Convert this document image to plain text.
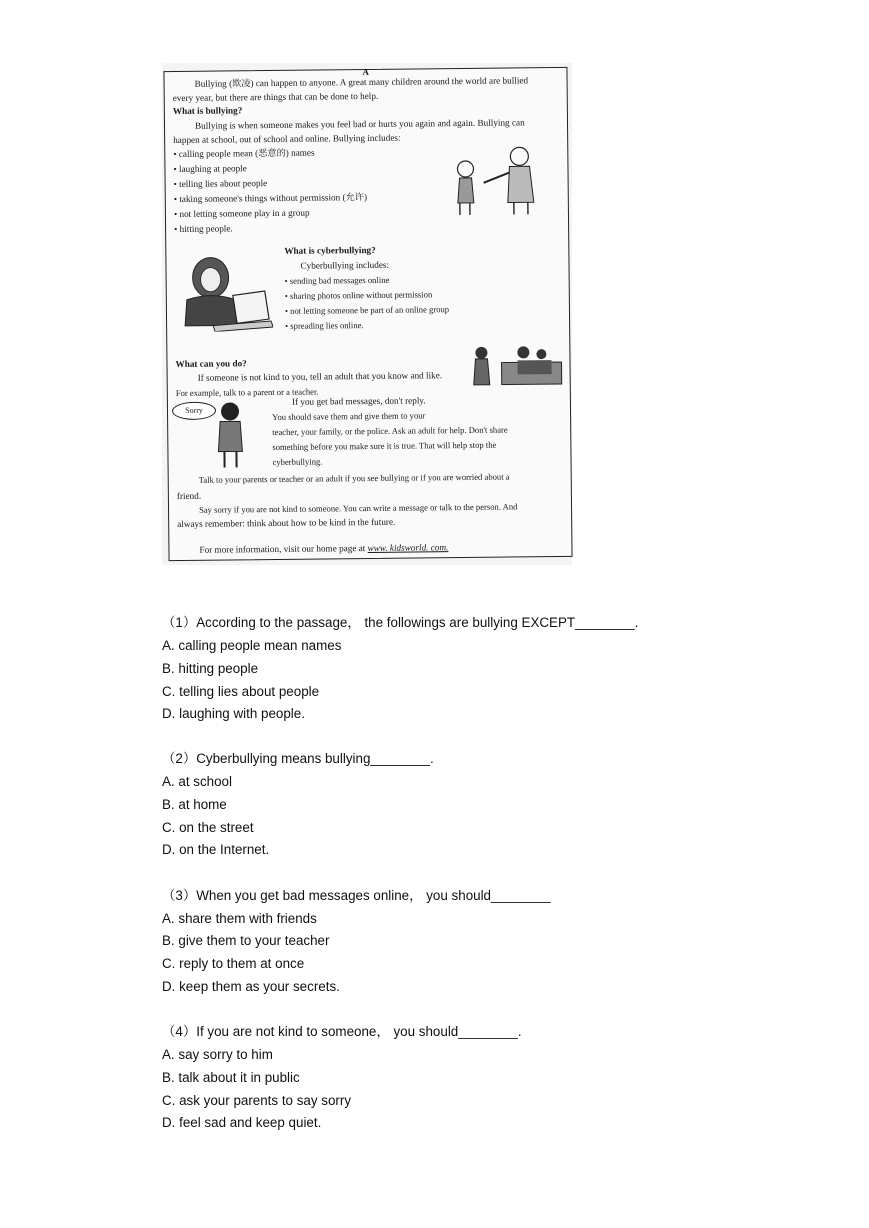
A
Bullying (欺凌) can happen to anyone. A great many children around the world are bullied
every year, but there are things that can be done to help.
What is bullying?
Bullying is when someone makes you feel bad or hurts you again and again. Bullying can
happen at school, out of school and online. Bullying includes:
• calling people mean (恶意的) names
• laughing at people
• telling lies about people
• taking someone's things without permission (允许)
• not letting someone play in a group
• hitting people.
What is cyberbullying?
Cyberbullying includes:
• sending bad messages online
• sharing photos online without permission
• not letting someone be part of an online group
• spreading lies online.
What can you do?
If someone is not kind to you, tell an adult that you know and like.
For example, talk to a parent or a teacher.
Sorry
If you get bad messages, don't reply.
You should save them and give them to your
teacher, your family, or the police. Ask an adult for help. Don't share
something before you make sure it is true. That will help stop the
cyberbullying.
Talk to your parents or teacher or an adult if you see bullying or if you are worried about a
friend.
Say sorry if you are not kind to someone. You can write a message or talk to the person. And
always remember: think about how to be kind in the future.
For more information, visit our home page at www. kidsworld. com.
（1）According to the passage， the followings are bullying EXCEPT________.
A. calling people mean names
B. hitting people
C. telling lies about people
D. laughing with people.
（2）Cyberbullying means bullying________.
A. at school
B. at home
C. on the street
D. on the Internet.
（3）When you get bad messages online， you should________
A. share them with friends
B. give them to your teacher
C. reply to them at once
D. keep them as your secrets.
（4）If you are not kind to someone， you should________.
A. say sorry to him
B. talk about it in public
C. ask your parents to say sorry
D. feel sad and keep quiet.
